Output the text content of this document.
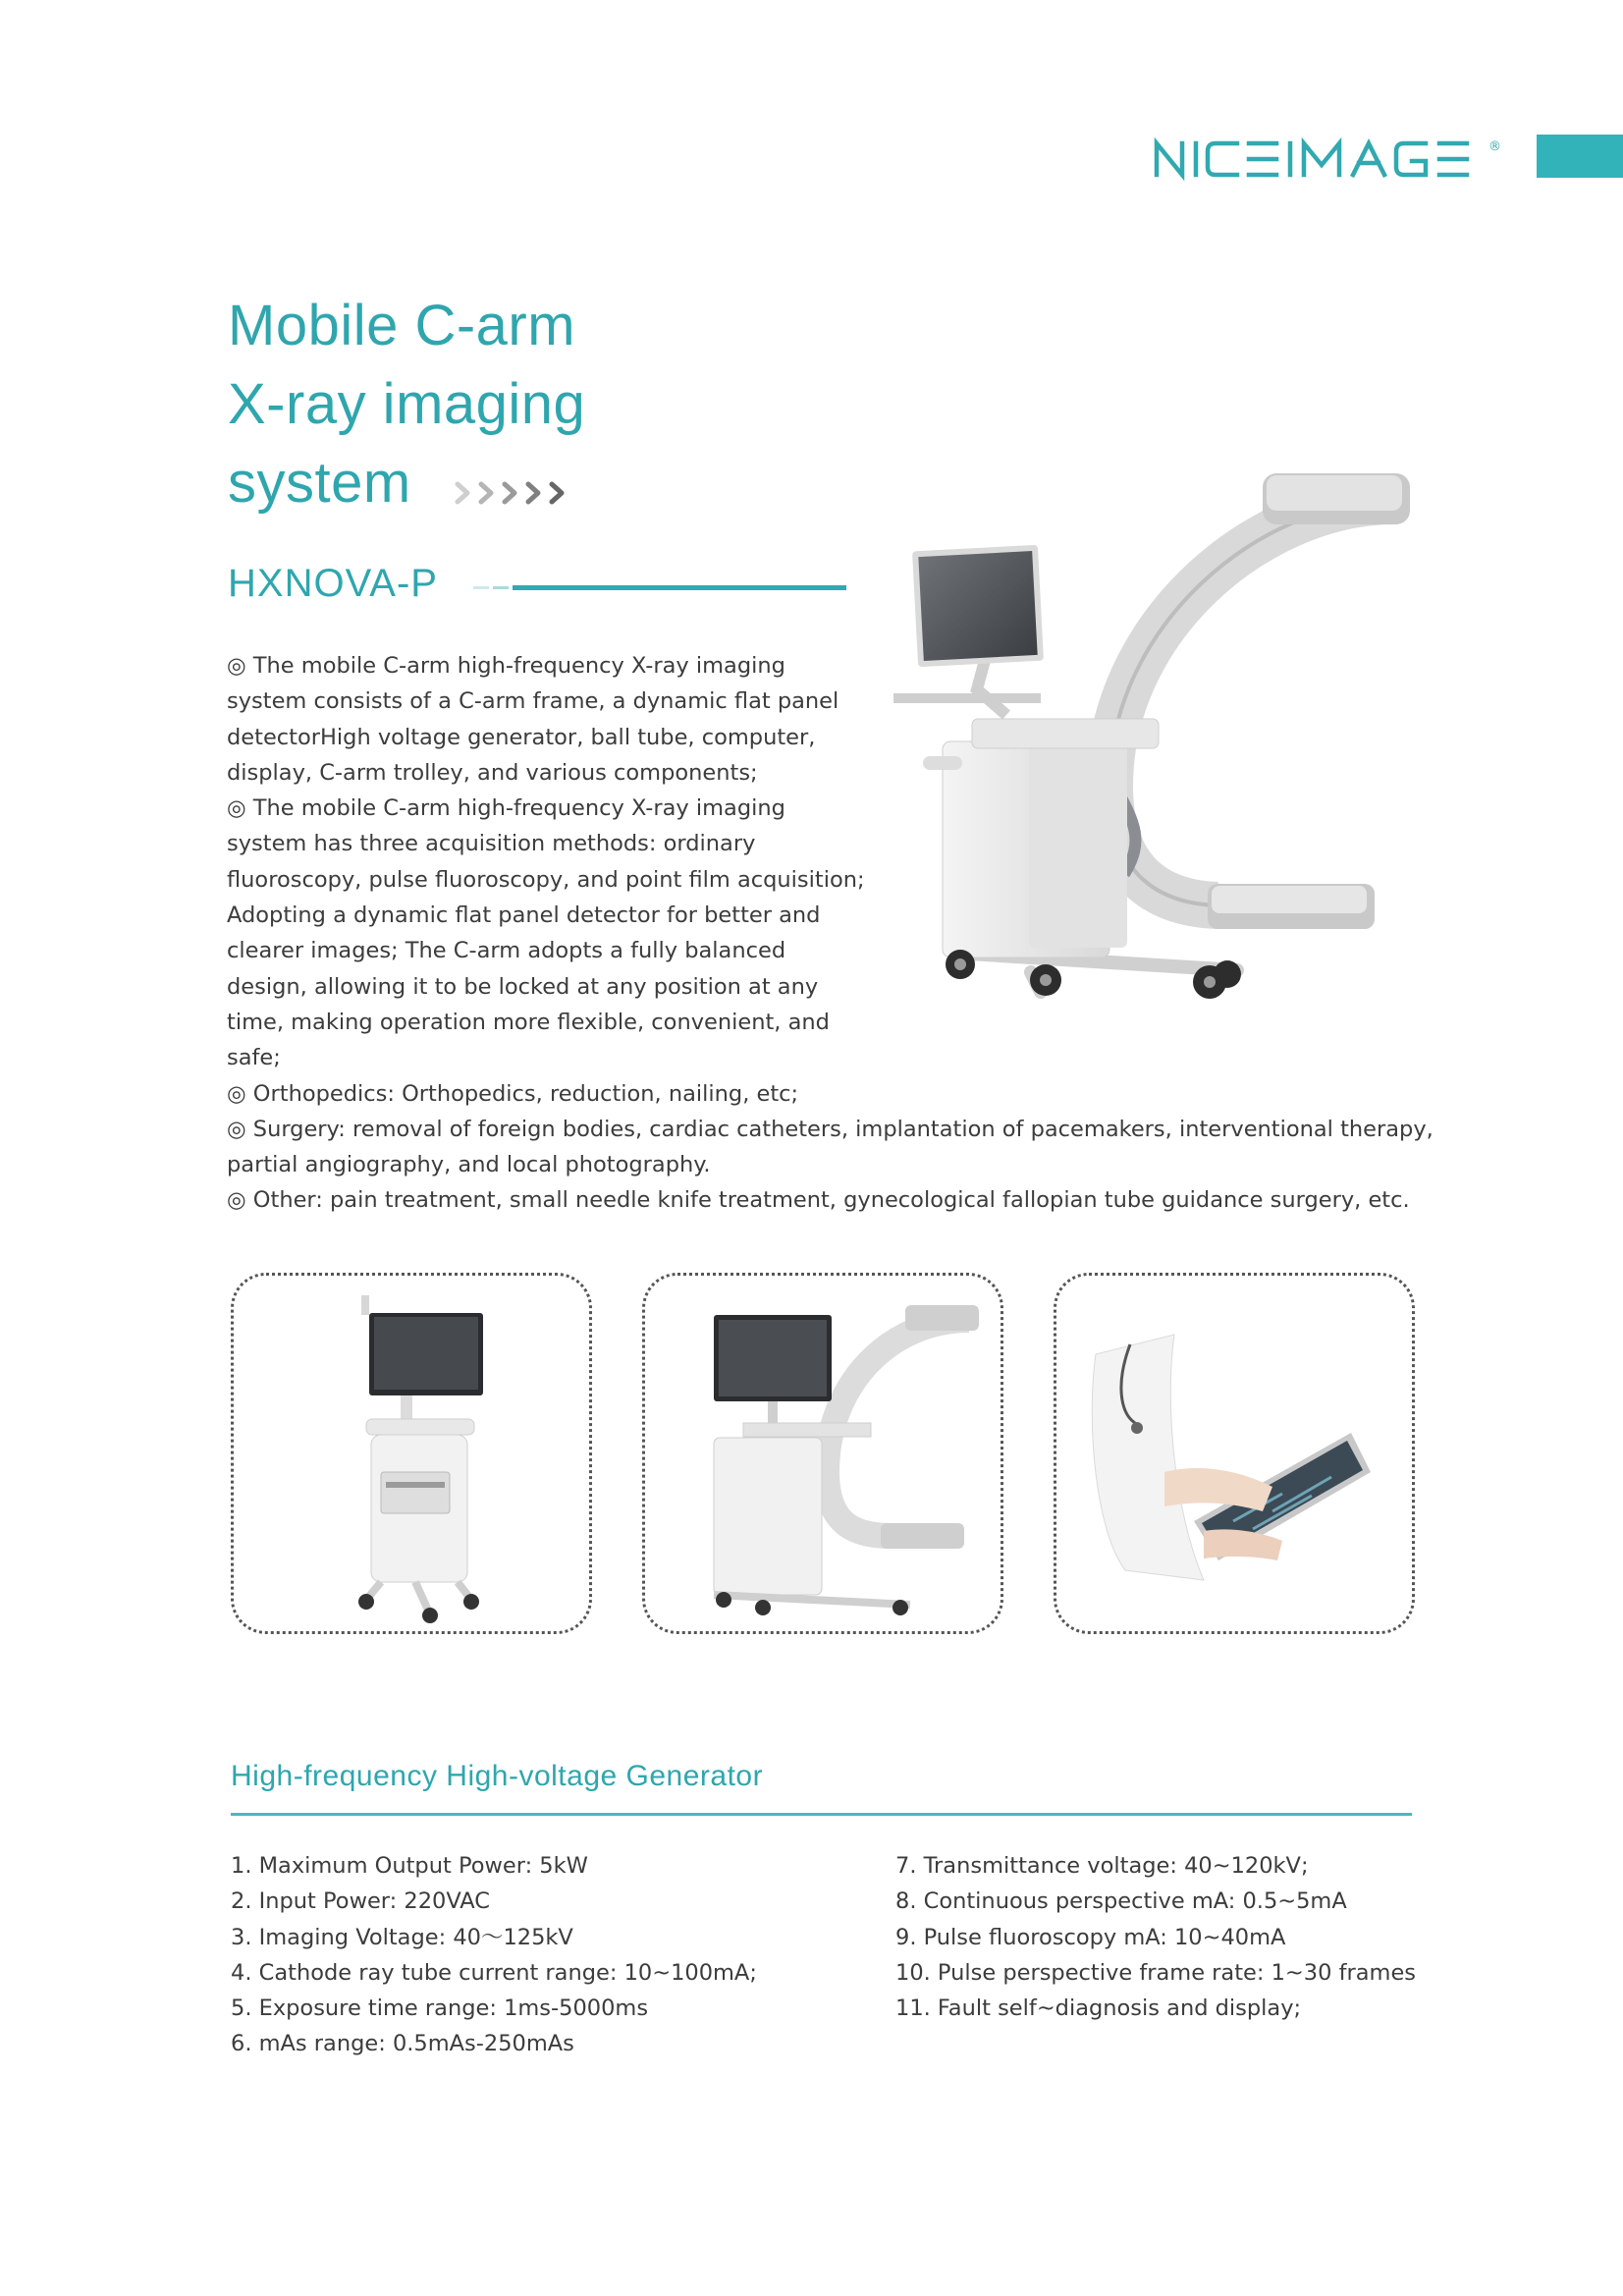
®
Mobile C-arm
X-ray imaging
system
HXNOVA-P

◎ The mobile C-arm high-frequency X-ray imaging system consists of a C-arm frame, a dynamic flat panel detectorHigh voltage generator, ball tube, computer, display, C-arm trolley, and various components;

◎ The mobile C-arm high-frequency X-ray imaging system has three acquisition methods: ordinary fluoroscopy, pulse fluoroscopy, and point film acquisition; Adopting a dynamic flat panel detector for better and clearer images; The C-arm adopts a fully balanced design, allowing it to be locked at any position at any time, making operation more flexible, convenient, and safe;

◎ Orthopedics: Orthopedics, reduction, nailing, etc;

◎ Surgery: removal of foreign bodies, cardiac catheters, implantation of pacemakers, interventional therapy, partial angiography, and local photography.

◎ Other: pain treatment, small needle knife treatment, gynecological fallopian tube guidance surgery, etc.

High-frequency High-voltage Generator
1. Maximum Output Power: 5kW
2. Input Power: 220VAC
3. Imaging Voltage: 40～125kV
4. Cathode ray tube current range: 10~100mA;
5. Exposure time range: 1ms-5000ms
6. mAs range: 0.5mAs-250mAs
7. Transmittance voltage: 40~120kV;
8. Continuous perspective mA: 0.5~5mA
9. Pulse fluoroscopy mA: 10~40mA
10. Pulse perspective frame rate: 1~30 frames
11. Fault self~diagnosis and display;
